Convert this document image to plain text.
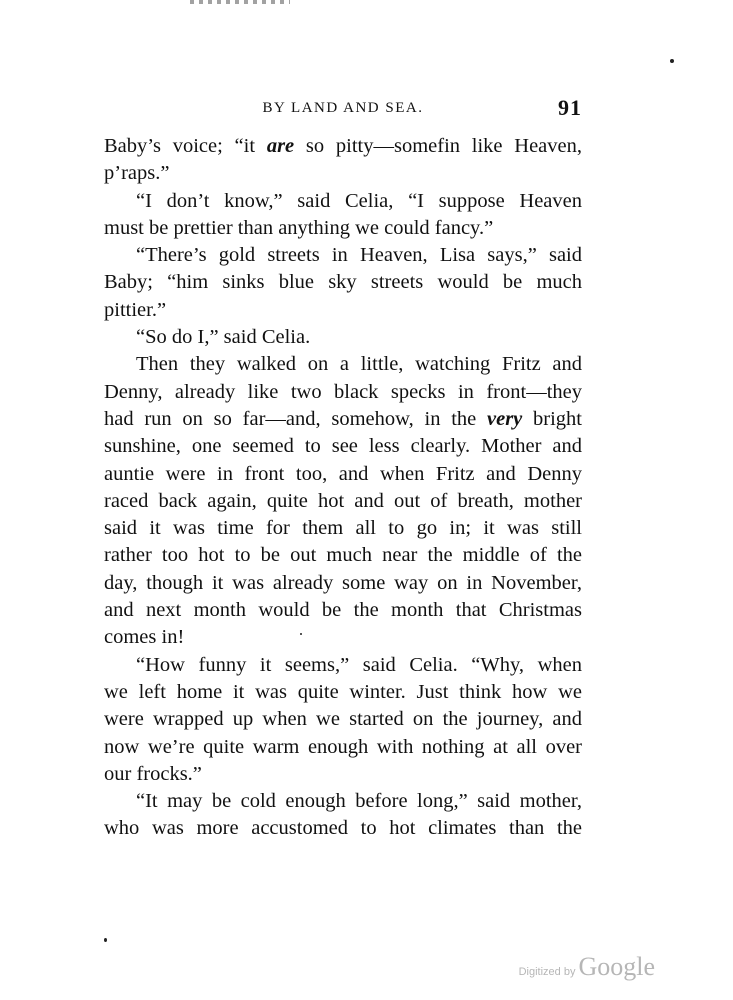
BY LAND AND SEA.	91
Baby’s voice; “it are so pitty—somefin like Heaven,
p’raps.”
“I don’t know,” said Celia, “I suppose Heaven
must be prettier than anything we could fancy.”
“There’s gold streets in Heaven, Lisa says,” said
Baby; “him sinks blue sky streets would be much
pittier.”
“So do I,” said Celia.
Then they walked on a little, watching Fritz and
Denny, already like two black specks in front—they
had run on so far—and, somehow, in the very bright
sunshine, one seemed to see less clearly. Mother and
auntie were in front too, and when Fritz and Denny
raced back again, quite hot and out of breath, mother
said it was time for them all to go in; it was still
rather too hot to be out much near the middle of the
day, though it was already some way on in November,
and next month would be the month that Christmas
comes in!
“How funny it seems,” said Celia. “Why, when
we left home it was quite winter. Just think how we
were wrapped up when we started on the journey, and
now we’re quite warm enough with nothing at all over
our frocks.”
“It may be cold enough before long,” said mother,
who was more accustomed to hot climates than the
Digitized by Google
